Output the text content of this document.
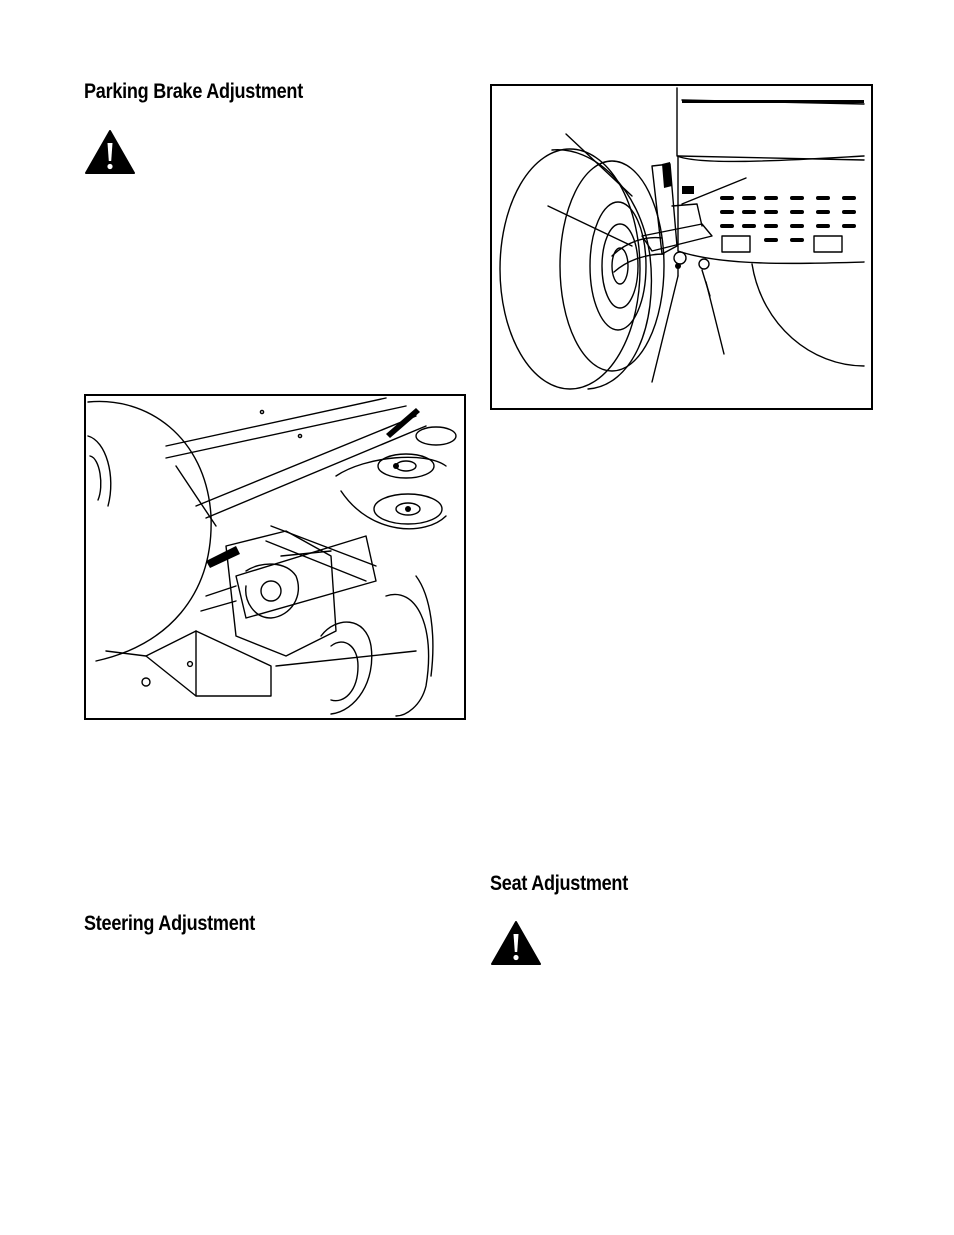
Parking Brake Adjustment
Steering Adjustment
Seat Adjustment
